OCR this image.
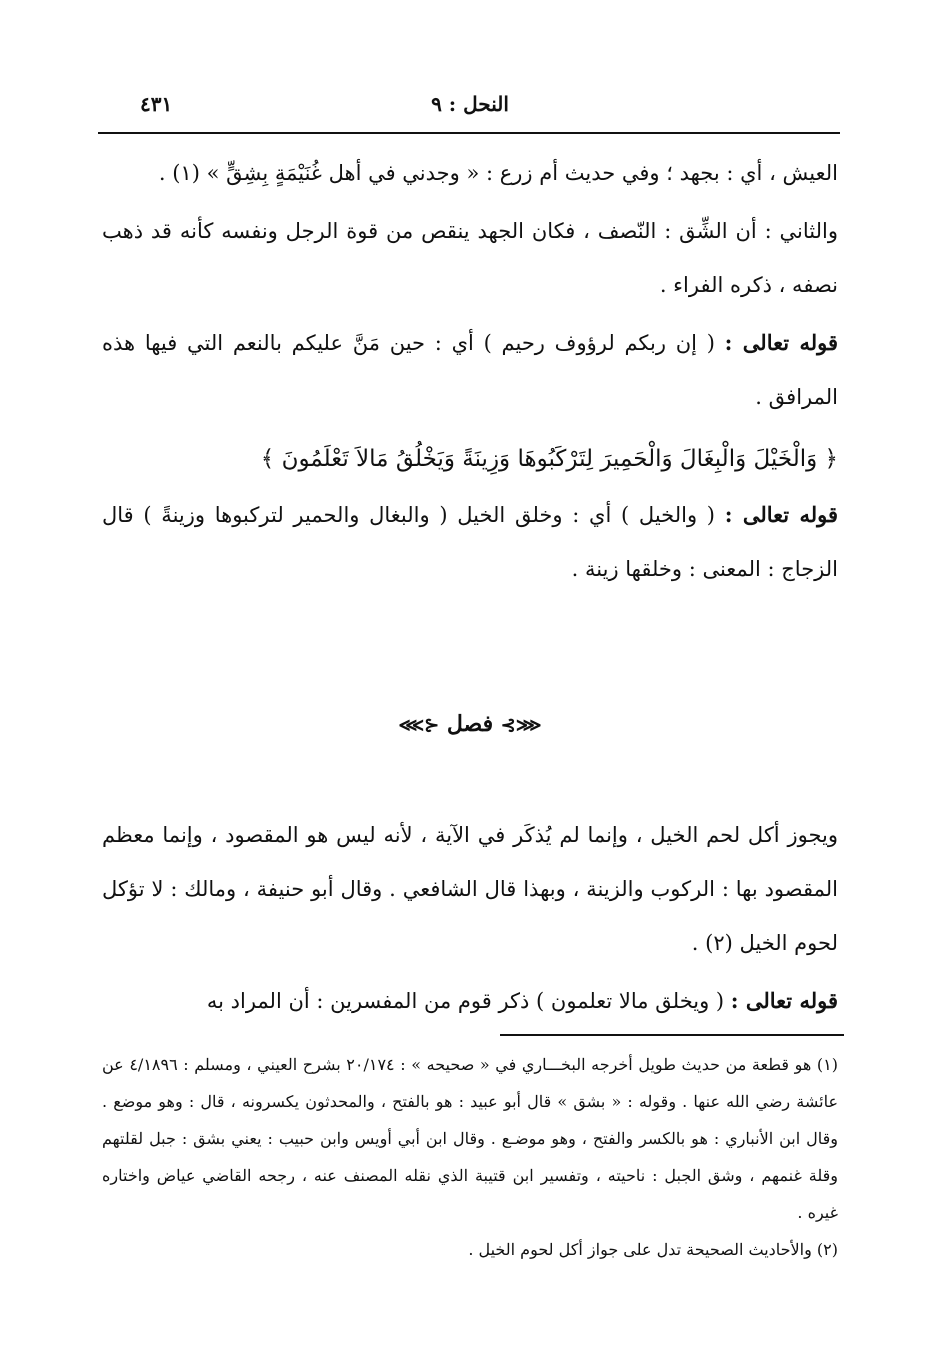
النحل : ٩
٤٣١

العيش ، أي : بجهد ؛ وفي حديث أم زرع : « وجدني في أهل غُنَيْمَةٍ بِشِقٍّ » (١) .

والثاني : أن الشِّق : النّصف ، فكان الجهد ينقص من قوة الرجل ونفسه كأنه قد ذهب نصفه ، ذكره الفراء .

قوله تعالى : ( إن ربكم لرؤوف رحيم ) أي : حين مَنَّ عليكم بالنعم التي فيها هذه المرافق .

﴿ وَالْخَيْلَ وَالْبِغَالَ وَالْحَمِيرَ لِتَرْكَبُوهَا وَزِينَةً وَيَخْلُقُ مَالاَ تَعْلَمُونَ ﴾

قوله تعالى : ( والخيل ) أي : وخلق الخيل ( والبغال والحمير لتركبوها وزينةً ) قال الزجاج : المعنى : وخلقها زينة .

⋘⊱ فصل ⊰⋙

ويجوز أكل لحم الخيل ، وإنما لم يُذكَر في الآية ، لأنه ليس هو المقصود ، وإنما معظم المقصود بها : الركوب والزينة ، وبهذا قال الشافعي . وقال أبو حنيفة ، ومالك : لا تؤكل لحوم الخيل (٢) .

قوله تعالى : ( ويخلق مالا تعلمون ) ذكر قوم من المفسرين : أن المراد به

(١) هو قطعة من حديث طويل أخرجه البخـــاري في « صحيحه » : ٢٠/١٧٤ بشرح العيني ، ومسلم : ٤/١٨٩٦ عن عائشة رضي الله عنها . وقوله : « بشق » قال أبو عبيد : هو بالفتح ، والمحدثون يكسرونه ، قال : وهو موضع . وقال ابن الأنباري : هو بالكسر والفتح ، وهو موضـع . وقال ابن أبي أويس وابن حبيب : يعني بشق : جبل لقلتهم وقلة غنمهم ، وشق الجبل : ناحيته ، وتفسير ابن قتيبة الذي نقله المصنف عنه ، رجحه القاضي عياض واختاره غيره .

(٢) والأحاديث الصحيحة تدل على جواز أكل لحوم الخيل .
